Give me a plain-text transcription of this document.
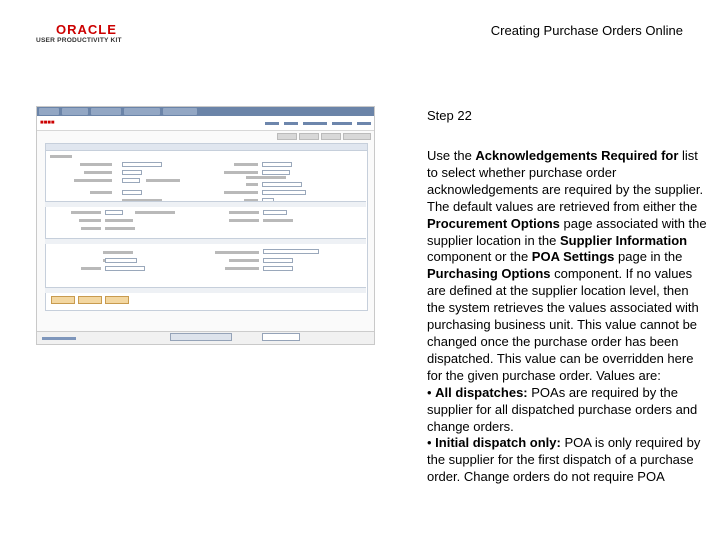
ORACLE
USER PRODUCTIVITY KIT
Creating Purchase Orders Online
■■■■	Step 22

Use the Acknowledgements Required for list to select whether purchase order acknowledgements are required by the supplier. The default values are retrieved from either the Procurement Options page associated with the supplier location in the Supplier Information component or the POA Settings page in the Purchasing Options component. If no values are defined at the supplier location level, then the system retrieves the values associated with purchasing business unit. This value cannot be changed once the purchase order has been dispatched. This value can be overridden here for the given purchase order. Values are:

• All dispatches: POAs are required by the supplier for all dispatched purchase orders and change orders.

• Initial dispatch only: POA is only required by the supplier for the first dispatch of a purchase order. Change orders do not require POA
